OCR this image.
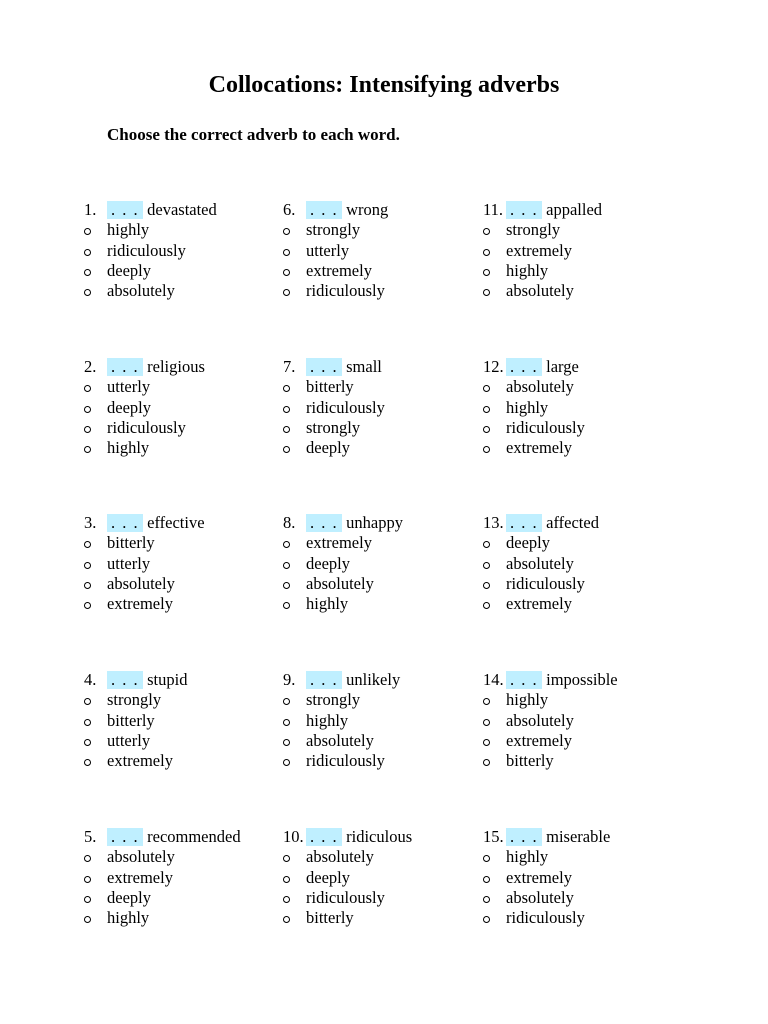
Collocations: Intensifying adverbs

Choose the correct adverb to each word.

1. . . . devastated
highly
ridiculously
deeply
absolutely
2. . . . religious
utterly
deeply
ridiculously
highly
3. . . . effective
bitterly
utterly
absolutely
extremely
4. . . . stupid
strongly
bitterly
utterly
extremely
5. . . . recommended
absolutely
extremely
deeply
highly
6. . . . wrong
strongly
utterly
extremely
ridiculously
7. . . . small
bitterly
ridiculously
strongly
deeply
8. . . . unhappy
extremely
deeply
absolutely
highly
9. . . . unlikely
strongly
highly
absolutely
ridiculously
10. . . . ridiculous
absolutely
deeply
ridiculously
bitterly
11. . . . appalled
strongly
extremely
highly
absolutely
12. . . . large
absolutely
highly
ridiculously
extremely
13. . . . affected
deeply
absolutely
ridiculously
extremely
14. . . . impossible
highly
absolutely
extremely
bitterly
15. . . . miserable
highly
extremely
absolutely
ridiculously
